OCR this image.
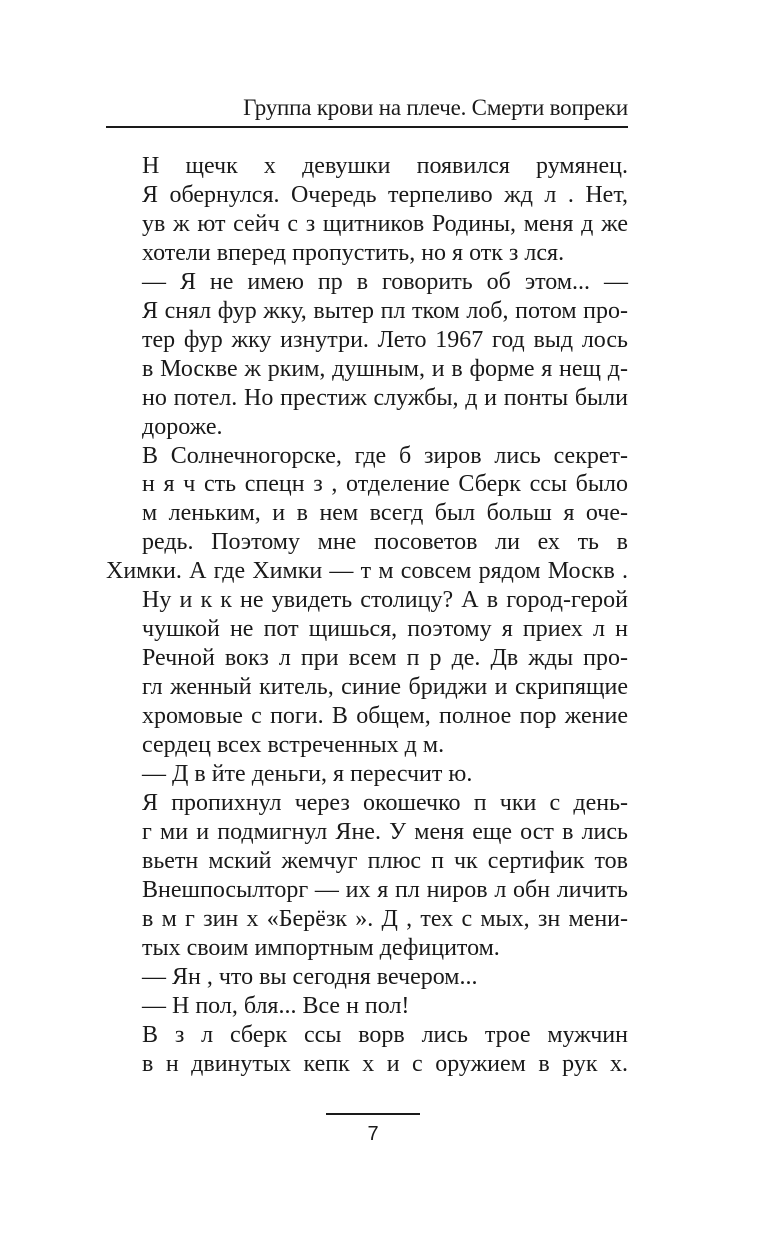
Группа крови на плече. Смерти вопреки

Н щечк х девушки появился румянец.
Я обернулся. Очередь терпеливо жд л . Нет,
ув ж ют сейч с з щитников Родины, меня д же
хотели вперед пропустить, но я отк з лся.

— Я не имею пр в говорить об этом... —
Я снял фур жку, вытер пл тком лоб, потом про-
тер фур жку изнутри. Лето 1967 год выд лось
в Москве ж рким, душным, и в форме я нещ д-
но потел. Но престиж службы, д и понты были
дороже.

В Солнечногорске, где б зиров лись секрет-
н я ч сть спецн з , отделение Сберк ссы было
м леньким, и в нем всегд был больш я оче-
редь. Поэтому мне посоветов ли ех ть в Химки. А где Химки — т м совсем рядом Москв .
Ну и к к не увидеть столицу? А в город-герой
чушкой не пот щишься, поэтому я приех л н
Речной вокз л при всем п р де. Дв жды про-
гл женный китель, синие бриджи и скрипящие
хромовые с поги. В общем, полное пор жение
сердец всех встреченных д м.

— Д в йте деньги, я пересчит ю.

Я пропихнул через окошечко п чки с день-
г ми и подмигнул Яне. У меня еще ост в лись
вьетн мский жемчуг плюс п чк сертифик тов
Внешпосылторг — их я пл ниров л обн личить
в м г зин х «Берёзк ». Д , тех с мых, зн мени-
тых своим импортным дефицитом.

— Ян , что вы сегодня вечером...

— Н пол, бля... Все н пол!

В з л сберк ссы ворв лись трое мужчин
в н двинутых кепк х и с оружием в рук х.

7
